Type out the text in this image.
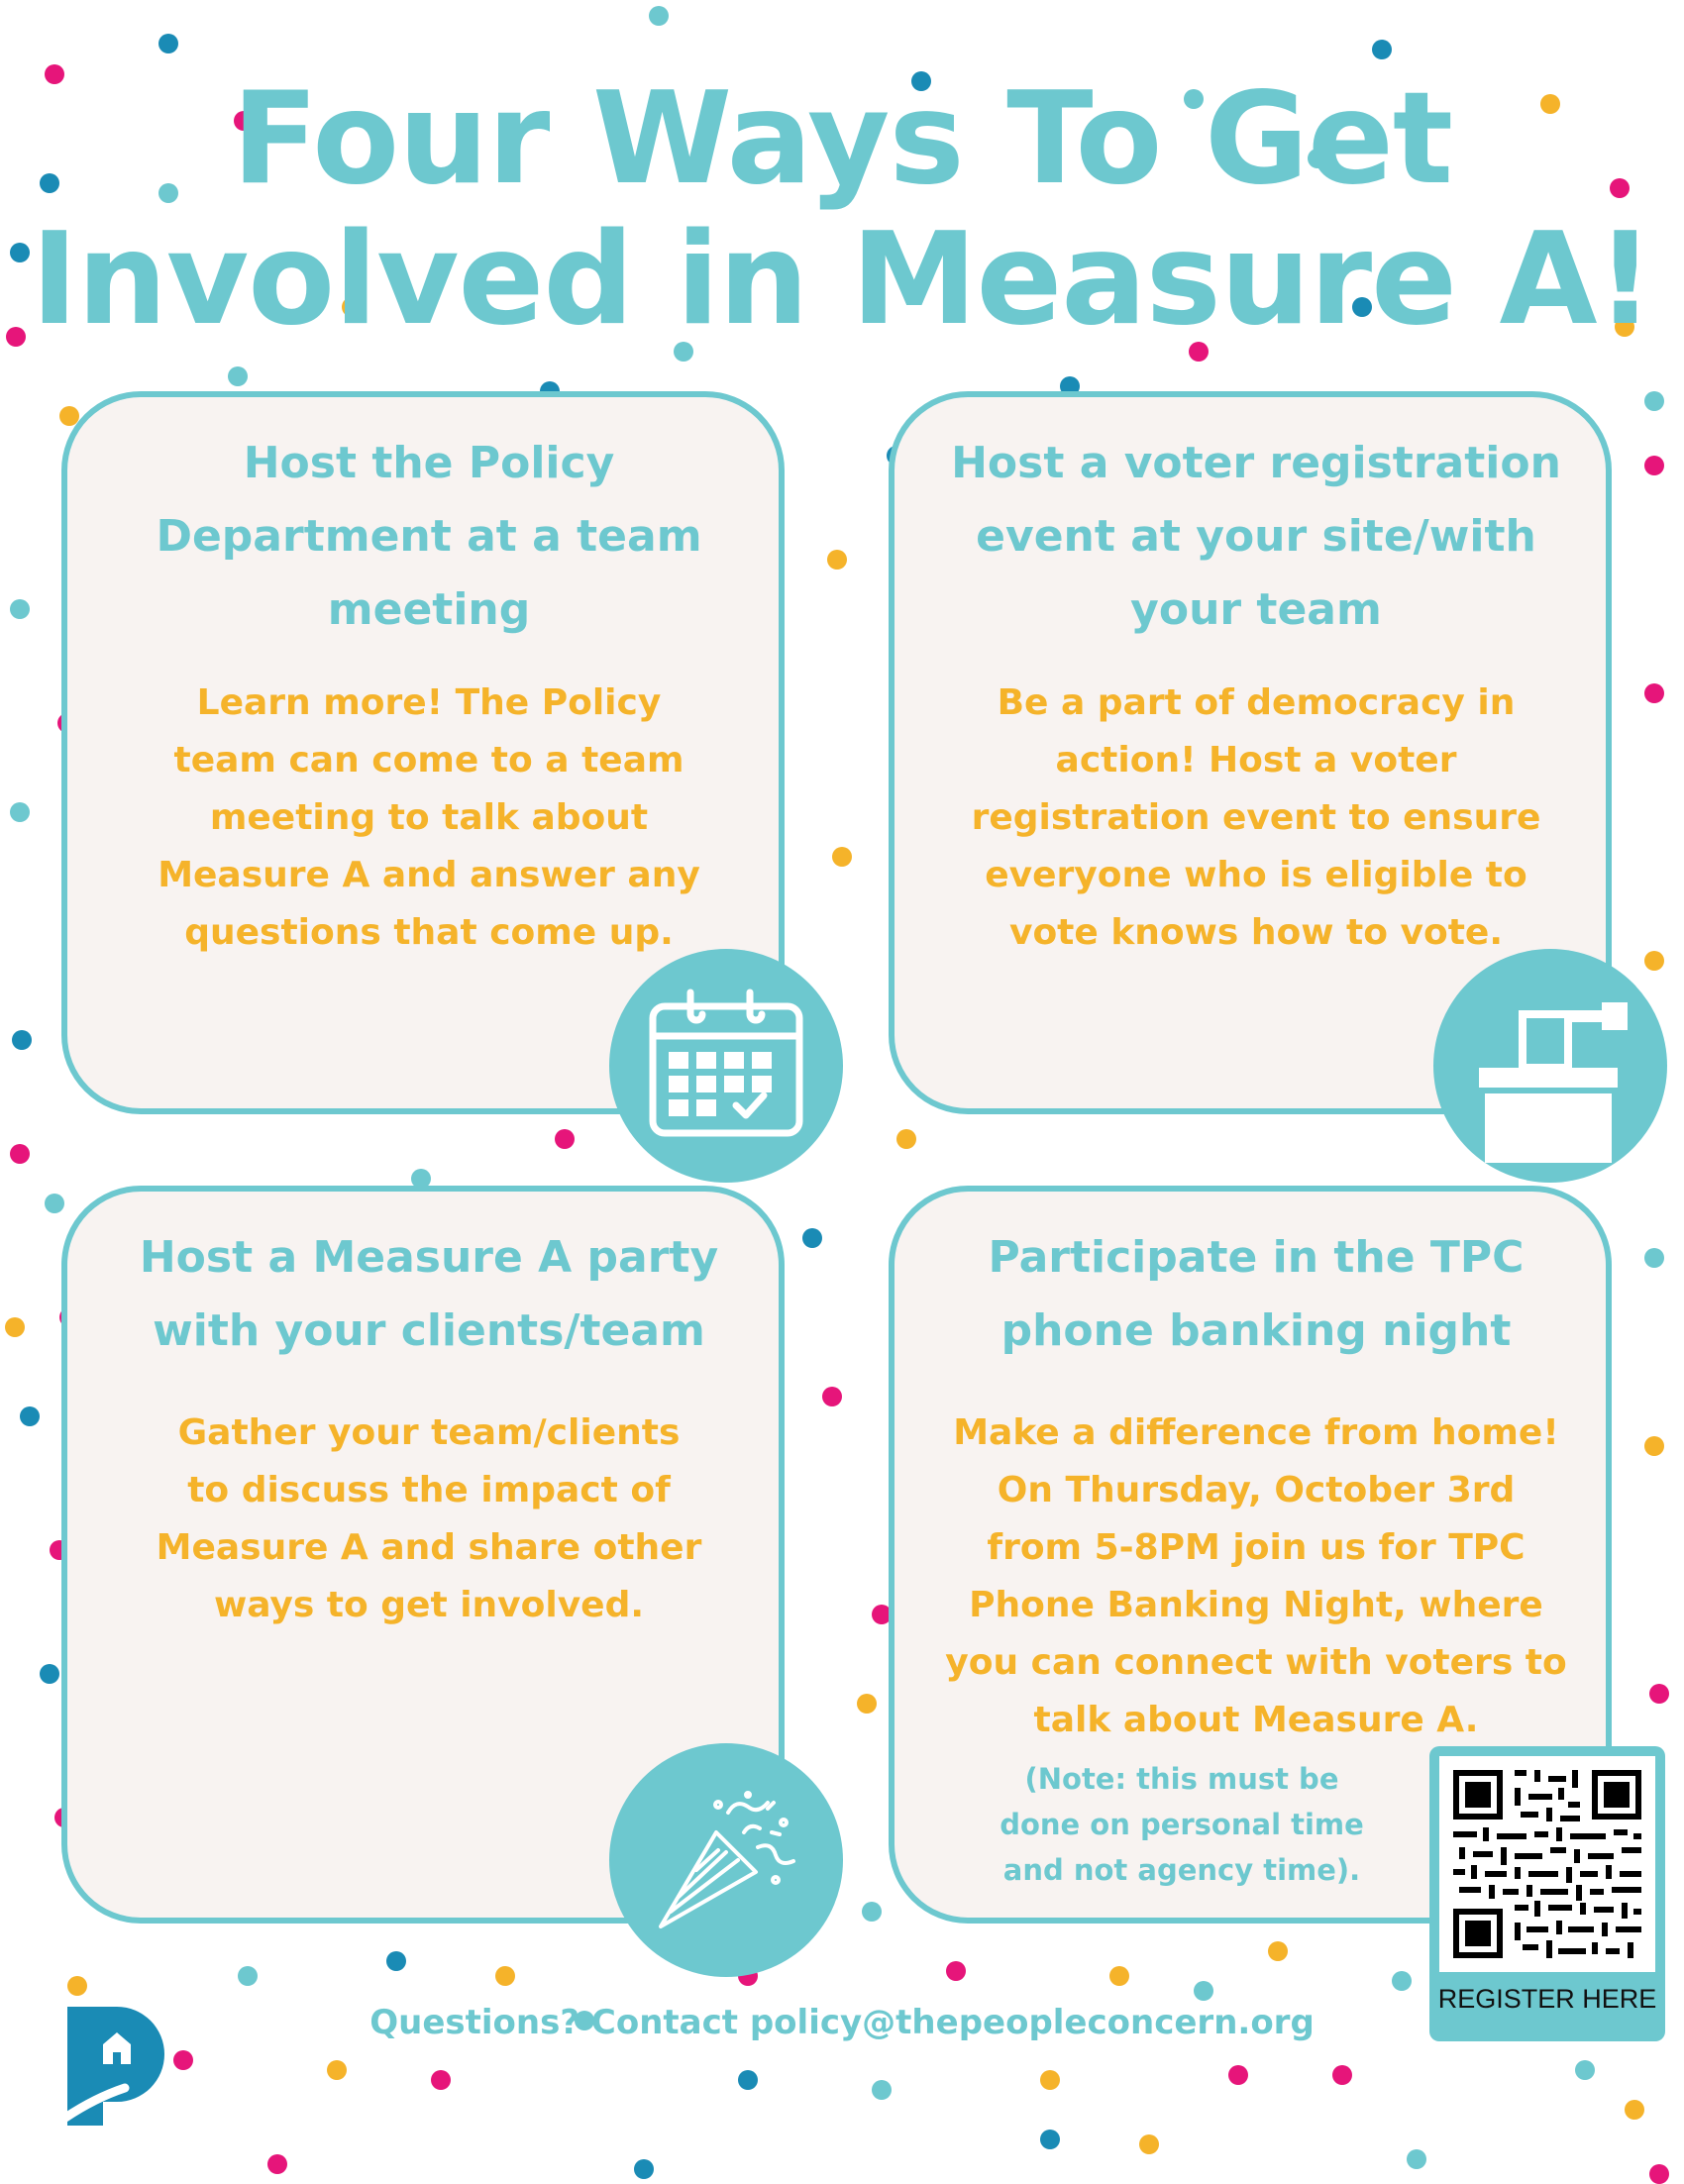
Four Ways To Get
Involved in Measure A!

Host the Policy
Department at a team
meeting

Learn more! The Policy
team can come to a team
meeting to talk about
Measure A and answer any
questions that come up.

Host a voter registration
event at your site/with
your team

Be a part of democracy in
action! Host a voter
registration event to ensure
everyone who is eligible to
vote knows how to vote.

Host a Measure A party
with your clients/team

Gather your team/clients
to discuss the impact of
Measure A and share other
ways to get involved.

Participate in the TPC
phone banking night

Make a difference from home!
On Thursday, October 3rd
from 5-8PM join us for TPC
Phone Banking Night, where
you can connect with voters to
talk about Measure A.

(Note: this must be
done on personal time
and not agency time).

REGISTER HERE
Questions? Contact policy@thepeopleconcern.org
